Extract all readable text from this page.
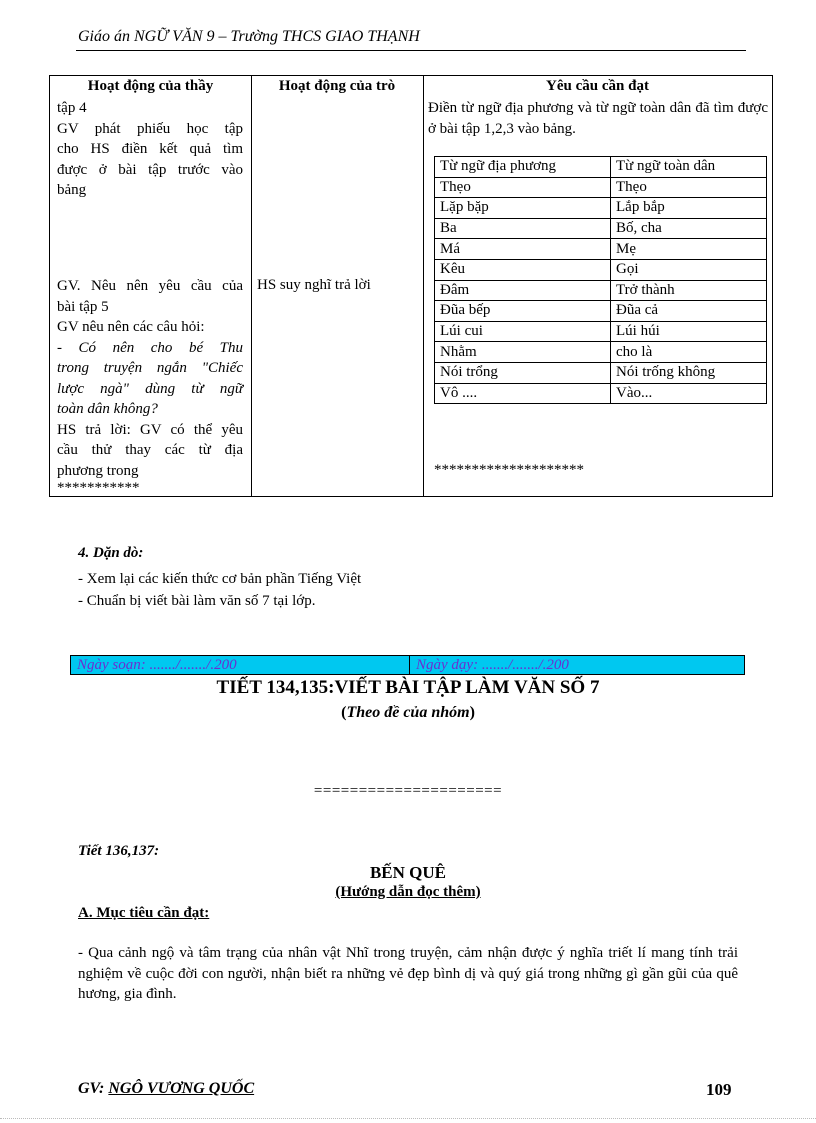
Giáo án NGỮ VĂN 9 – Trường THCS GIAO THẠNH
Hoạt động của thầy	Hoạt động của trò	Yêu cầu cần đạt
tập 4
GV phát phiếu học tập
cho HS điền kết quả tìm
được ở bài tập trước vào
bảng
GV. Nêu nên yêu cầu của
bài tập 5
GV nêu nên các câu hỏi:
- Có nên cho bé Thu
trong truyện ngắn "Chiếc
lược ngà" dùng từ ngữ
toàn dân không?
HS trả lời: GV có thể yêu
cầu thử thay các từ địa
phương trong
***********
HS suy nghĩ trả lời
Điền từ ngữ địa phương và từ ngữ toàn dân đã tìm được ở bài tập 1,2,3 vào bảng.
Từ ngữ địa phương	Từ ngữ toàn dân
Thẹo	Thẹo
Lặp bặp	Lắp bắp
Ba	Bố, cha
Má	Mẹ
Kêu	Gọi
Đâm	Trở thành
Đũa bếp	Đũa cả
Lúi cui	Lúi húi
Nhằm	cho là
Nói trổng	Nói trống không
Vô ....	Vào...
********************
4. Dặn dò:
- Xem lại các kiến thức cơ bản phần Tiếng Việt
- Chuẩn bị viết bài làm văn số 7 tại lớp.
Ngày soạn: ......./......./.200	Ngày dạy: ......./......./.200
TIẾT 134,135:VIẾT BÀI TẬP LÀM VĂN SỐ 7
(Theo đề của nhóm)
=====================
Tiết 136,137:
BẾN QUÊ
(Hướng dẫn đọc thêm)
A. Mục tiêu cần đạt:
- Qua cảnh ngộ và tâm trạng của nhân vật Nhĩ trong truyện, cảm nhận được ý nghĩa triết lí mang tính trải nghiệm về cuộc đời con người, nhận biết ra những vẻ đẹp bình dị và quý giá trong những gì gần gũi của quê hương, gia đình.
GV: NGÔ VƯƠNG QUỐC	109
